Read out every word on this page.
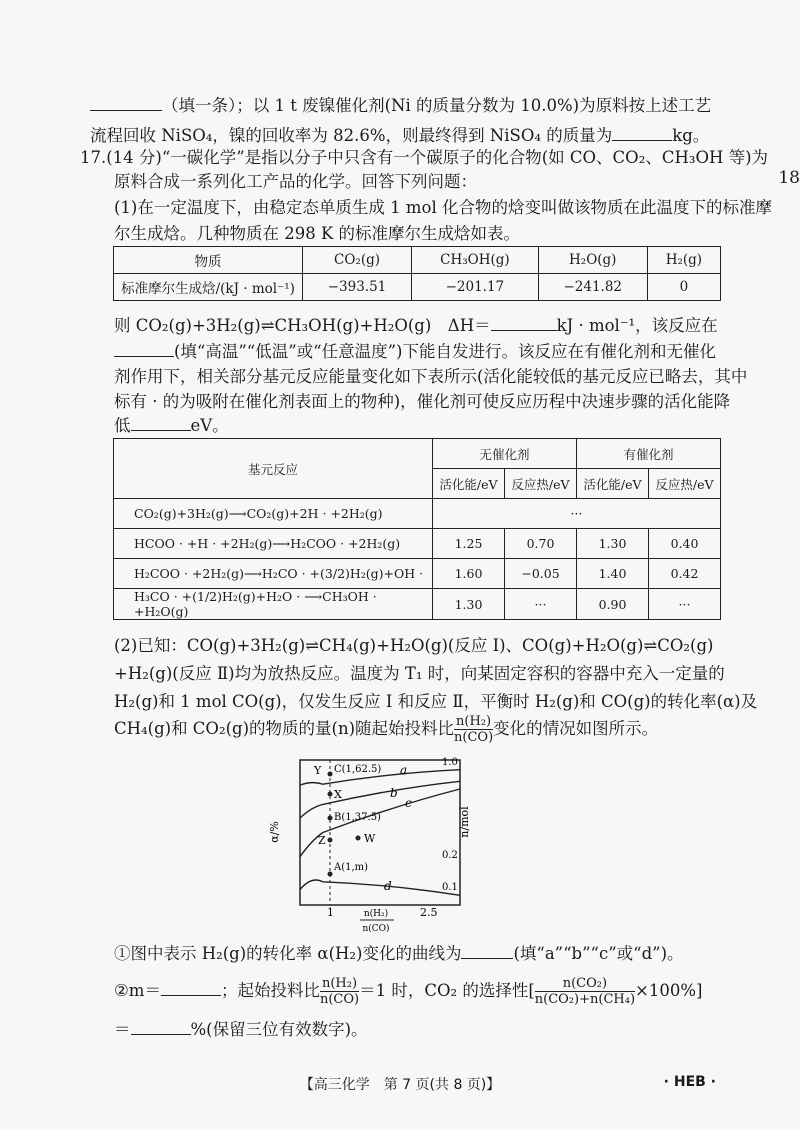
（填一条）；以 1 t 废镍催化剂(Ni 的质量分数为 10.0%)为原料按上述工艺
流程回收 NiSO₄，镍的回收率为 82.6%，则最终得到 NiSO₄ 的质量为	kg。
18
17.(14 分)“一碳化学”是指以分子中只含有一个碳原子的化合物(如 CO、CO₂、CH₃OH 等)为
原料合成一系列化工产品的化学。回答下列问题：
(1)在一定温度下，由稳定态单质生成 1 mol 化合物的焓变叫做该物质在此温度下的标准摩
尔生成焓。几种物质在 298 K 的标准摩尔生成焓如表。
物质	CO₂(g)	CH₃OH(g)	H₂O(g)	H₂(g)
标准摩尔生成焓/(kJ · mol⁻¹)	−393.51	−201.17	−241.82	0
则 CO₂(g)+3H₂(g)⇌CH₃OH(g)+H₂O(g)　ΔH＝	kJ · mol⁻¹，该反应在
(填“高温”“低温”或“任意温度”)下能自发进行。该反应在有催化剂和无催化
剂作用下，相关部分基元反应能量变化如下表所示(活化能较低的基元反应已略去，其中
标有 · 的为吸附在催化剂表面上的物种)，催化剂可使反应历程中决速步骤的活化能降
低	eV。
基元反应	无催化剂		有催化剂	
	活化能/eV	反应热/eV	活化能/eV	反应热/eV
CO₂(g)+3H₂(g)⟶CO₂(g)+2H · +2H₂(g)	···			
HCOO · +H · +2H₂(g)⟶H₂COO · +2H₂(g)	1.25	0.70	1.30	0.40
H₂COO · +2H₂(g)⟶H₂CO · +(3/2)H₂(g)+OH ·	1.60	−0.05	1.40	0.42
H₃CO · +(1/2)H₂(g)+H₂O · ⟶CH₃OH · +H₂O(g)	1.30	···	0.90	···
(2)已知：CO(g)+3H₂(g)⇌CH₄(g)+H₂O(g)(反应 Ⅰ)、CO(g)+H₂O(g)⇌CO₂(g)
+H₂(g)(反应 Ⅱ)均为放热反应。温度为 T₁ 时，向某固定容积的容器中充入一定量的
H₂(g)和 1 mol CO(g)，仅发生反应 Ⅰ 和反应 Ⅱ，平衡时 H₂(g)和 CO(g)的转化率(α)及
CH₄(g)和 CO₂(g)的物质的量(n)随起始投料比 $\frac{\text{n(H₂)}}{n(CO)}$ 变化的情况如图所示。
α/%	n/mol
1.0
0.2
0.1
1	2.5
n(H₂)
n(CO)
a
b
c
d
Y C(1,62.5)
X
B(1,37.5)
Z	W
A(1,m)
①图中表示 H₂(g)的转化率 α(H₂)变化的曲线为	(填“a”“b”“c”或“d”)。
②m＝	；起始投料比 $\frac{\text{n(H₂)}}{n(CO)} =1$ 时，CO₂ 的选择性[ $\frac{\text{n(CO₂)}}{\text{n(CO₂)+n(CH₄)}} \times 100\%$]
＝	%(保留三位有效数字)。
【高三化学　第 7 页(共 8 页)】	· HEB ·
